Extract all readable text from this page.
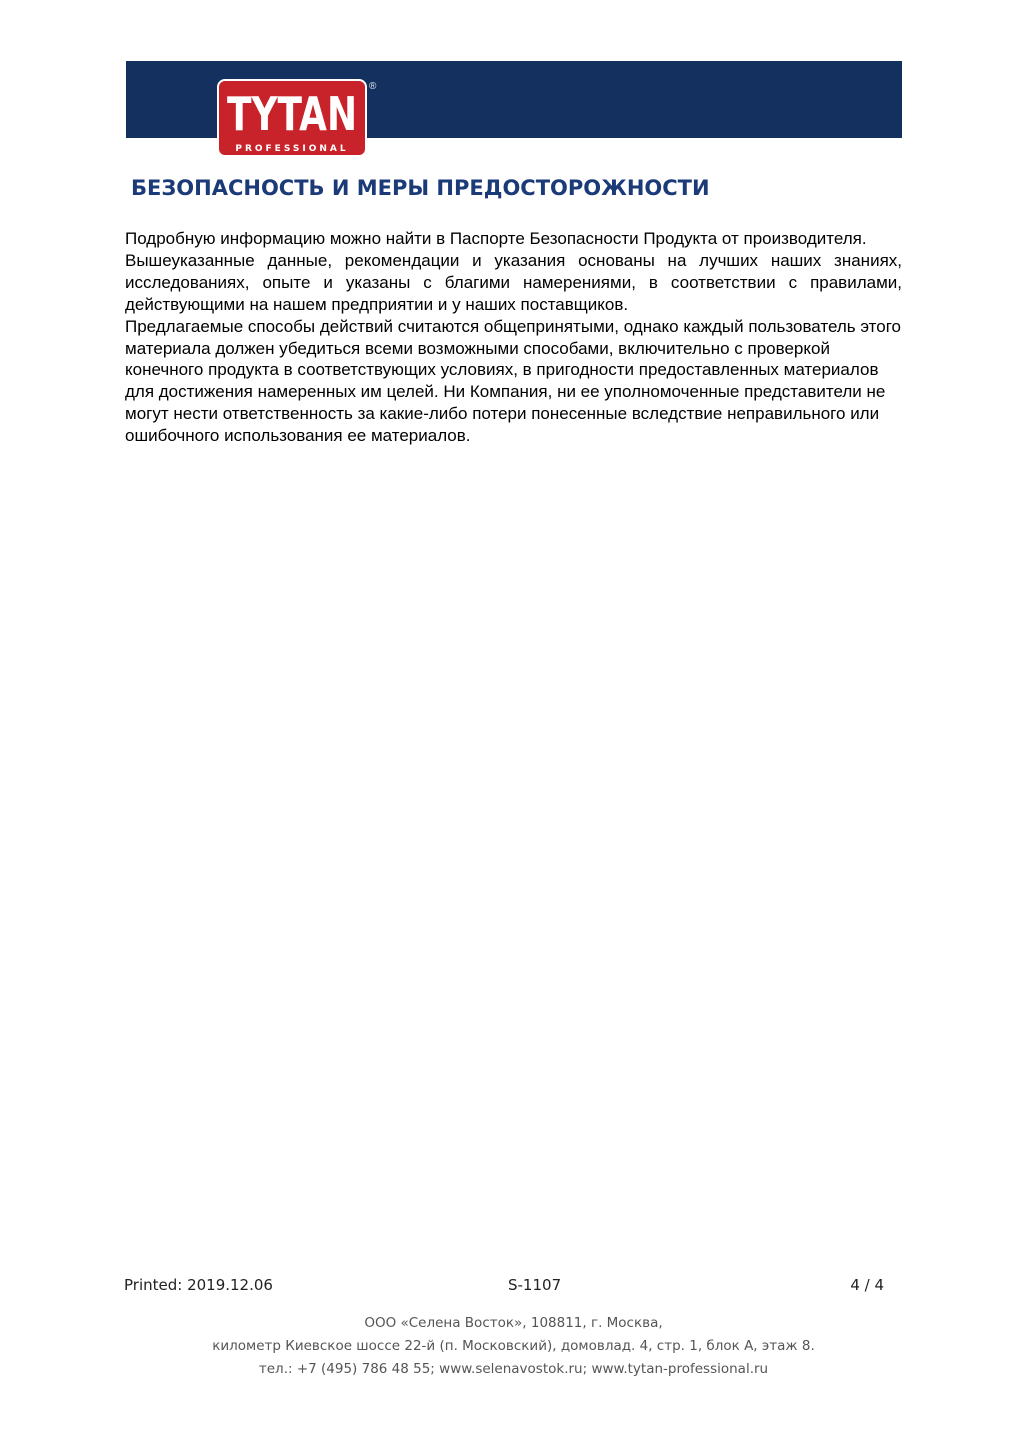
TYTAN
PROFESSIONAL
®
БЕЗОПАСНОСТЬ И МЕРЫ ПРЕДОСТОРОЖНОСТИ

Подробную информацию можно найти в Паспорте Безопасности Продукта от производителя.

Вышеуказанные данные, рекомендации и указания основаны на лучших наших знаниях, исследованиях, опыте и указаны с благими намерениями, в соответствии с правилами, действующими на нашем предприятии и у наших поставщиков.

Предлагаемые способы действий считаются общепринятыми, однако каждый пользователь этого материала должен убедиться всеми возможными способами, включительно с проверкой конечного продукта в соответствующих условиях, в пригодности предоставленных материалов для достижения намеренных им целей. Ни Компания, ни ее уполномоченные представители не могут нести ответственность за какие-либо потери понесенные вследствие неправильного или ошибочного использования ее материалов.

Printed: 2019.12.06	S-1107	4 / 4
ООО «Селена Восток», 108811, г. Москва,
километр Киевское шоссе 22-й (п. Московский), домовлад. 4, стр. 1, блок А, этаж 8.
тел.: +7 (495) 786 48 55; www.selenavostok.ru; www.tytan-professional.ru
